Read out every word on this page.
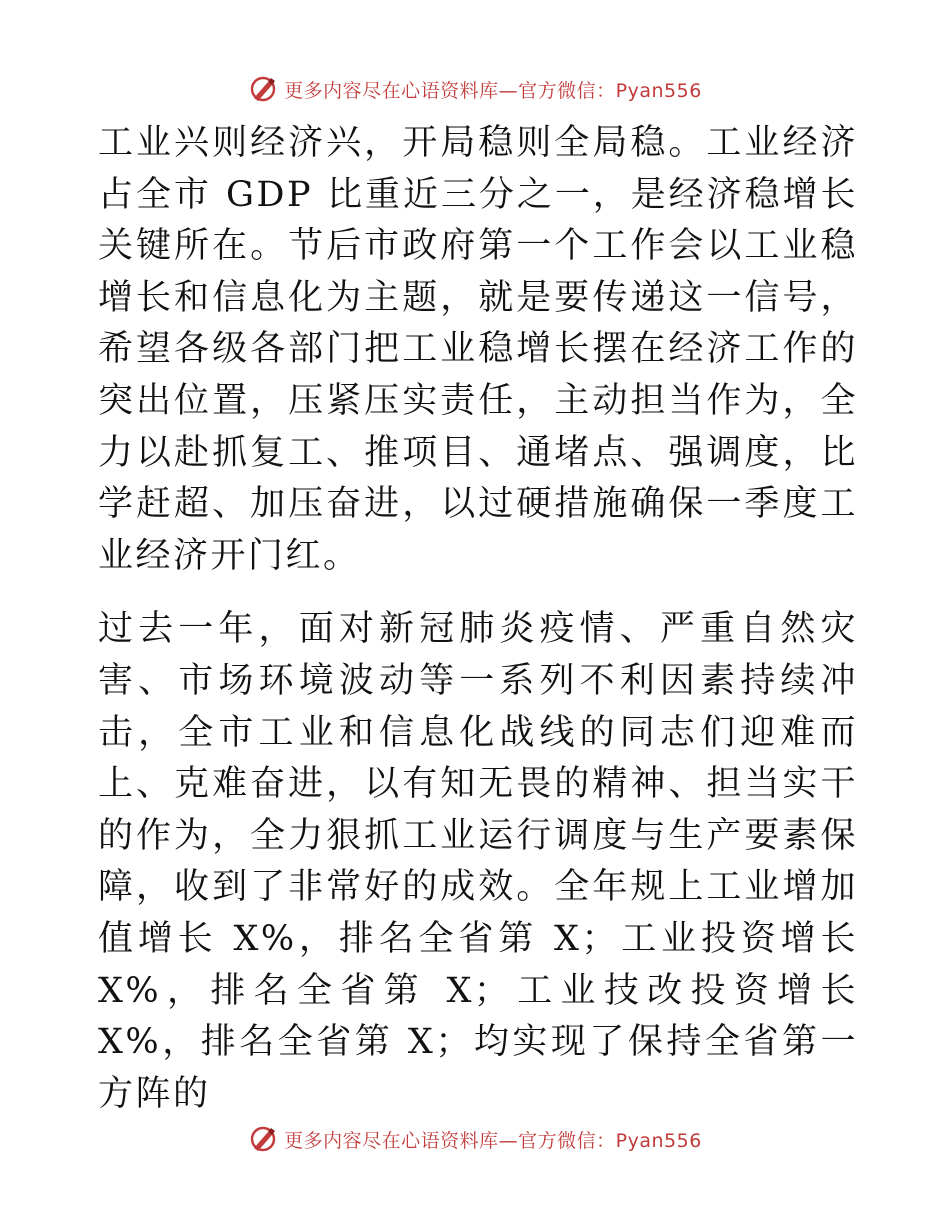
更多内容尽在心语资料库—官方微信：Pyan556

工业兴则经济兴，开局稳则全局稳。工业经济占全市 GDP 比重近三分之一，是经济稳增长关键所在。节后市政府第一个工作会以工业稳增长和信息化为主题，就是要传递这一信号，希望各级各部门把工业稳增长摆在经济工作的突出位置，压紧压实责任，主动担当作为，全力以赴抓复工、推项目、通堵点、强调度，比学赶超、加压奋进，以过硬措施确保一季度工业经济开门红。

过去一年，面对新冠肺炎疫情、严重自然灾害、市场环境波动等一系列不利因素持续冲击，全市工业和信息化战线的同志们迎难而上、克难奋进，以有知无畏的精神、担当实干的作为，全力狠抓工业运行调度与生产要素保障，收到了非常好的成效。全年规上工业增加值增长 X%，排名全省第 X；工业投资增长 X%，排名全省第 X；工业技改投资增长 X%，排名全省第 X；均实现了保持全省第一方阵的

更多内容尽在心语资料库—官方微信：Pyan556
